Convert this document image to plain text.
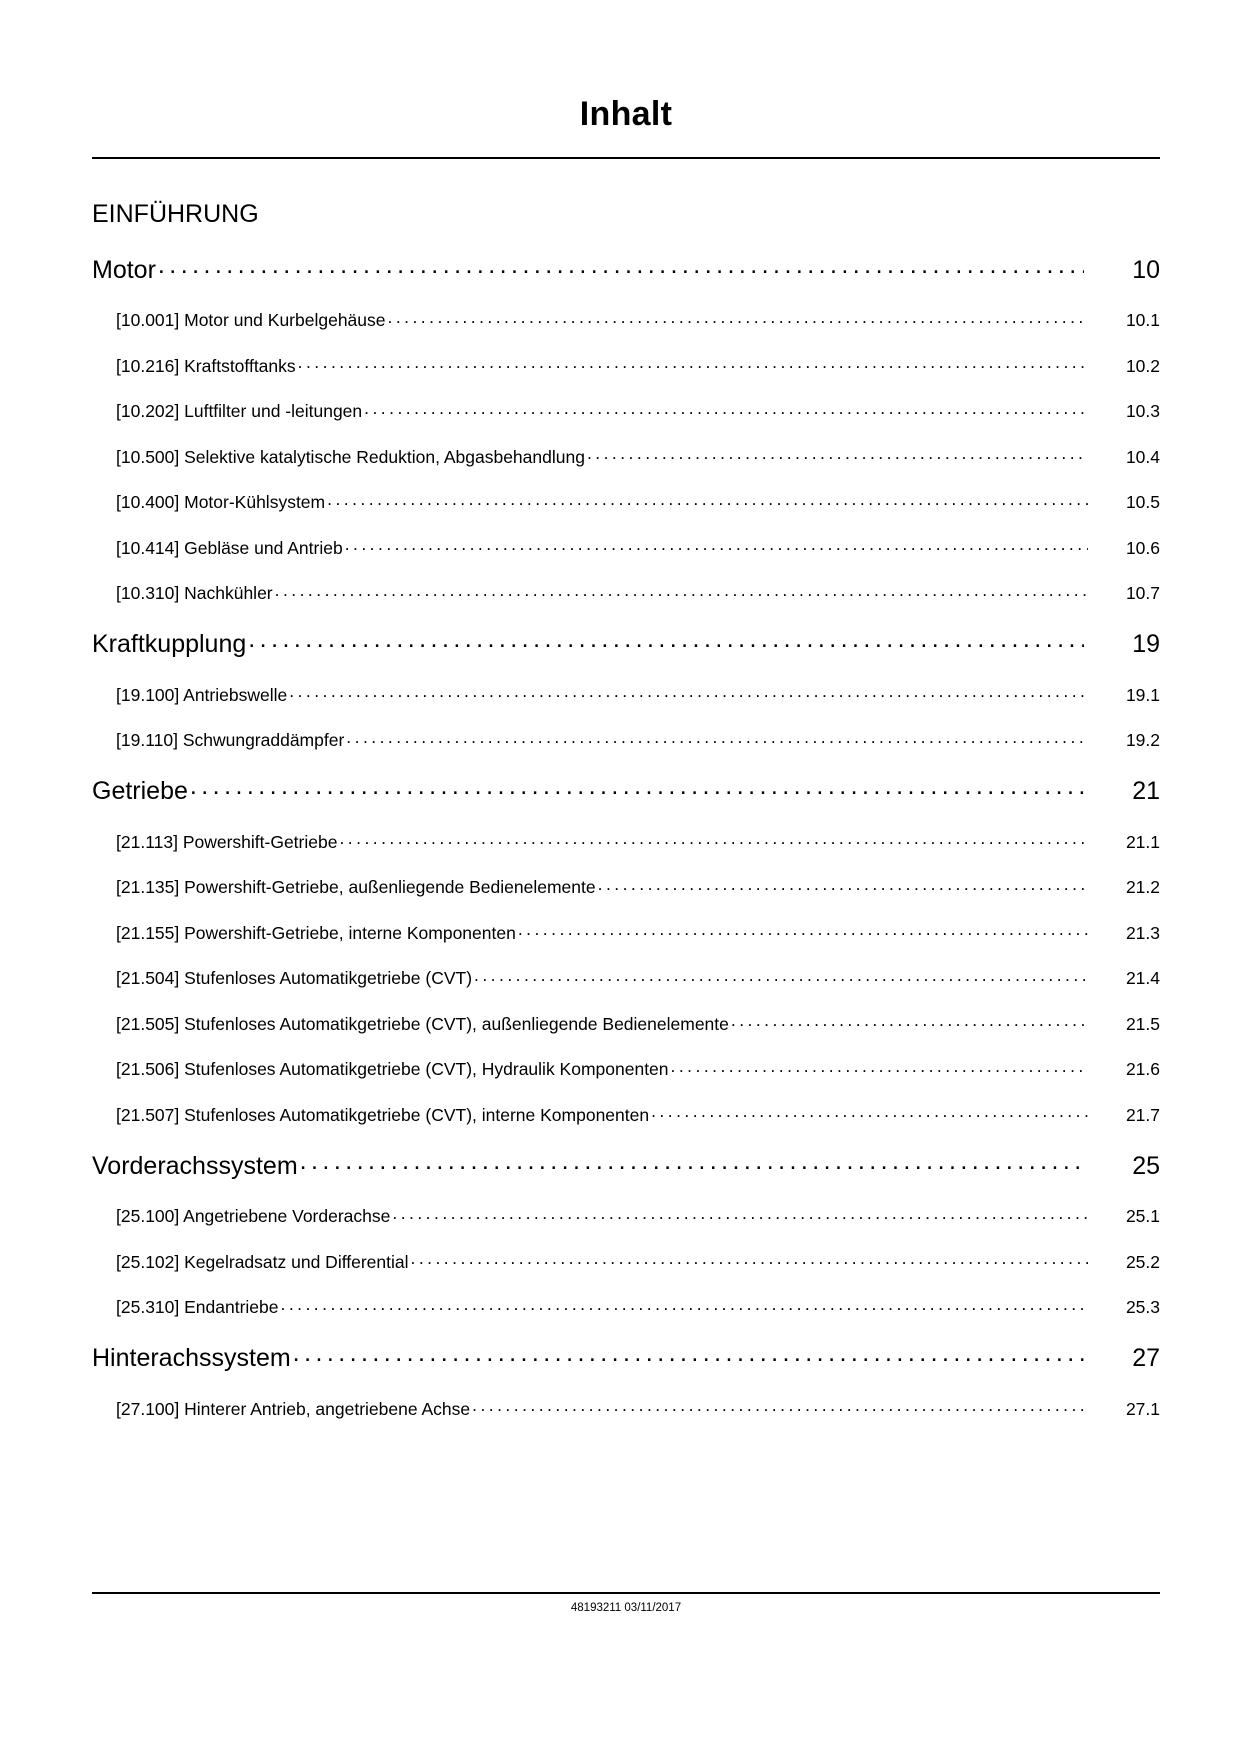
Inhalt
EINFÜHRUNG
Motor . . .	10
[10.001] Motor und Kurbelgehäuse . . .	10.1
[10.216] Kraftstofftanks . . .	10.2
[10.202] Luftfilter und -leitungen . . .	10.3
[10.500] Selektive katalytische Reduktion, Abgasbehandlung . . .	10.4
[10.400] Motor-Kühlsystem . . .	10.5
[10.414] Gebläse und Antrieb . . .	10.6
[10.310] Nachkühler . . .	10.7
Kraftkupplung . . .	19
[19.100] Antriebswelle . . .	19.1
[19.110] Schwungraddämpfer . . .	19.2
Getriebe . . .	21
[21.113] Powershift-Getriebe . . .	21.1
[21.135] Powershift-Getriebe, außenliegende Bedienelemente . . .	21.2
[21.155] Powershift-Getriebe, interne Komponenten . . .	21.3
[21.504] Stufenloses Automatikgetriebe (CVT) . . .	21.4
[21.505] Stufenloses Automatikgetriebe (CVT), außenliegende Bedienelemente . . .	21.5
[21.506] Stufenloses Automatikgetriebe (CVT), Hydraulik Komponenten . . .	21.6
[21.507] Stufenloses Automatikgetriebe (CVT), interne Komponenten . . .	21.7
Vorderachssystem . . .	25
[25.100] Angetriebene Vorderachse . . .	25.1
[25.102] Kegelradsatz und Differential . . .	25.2
[25.310] Endantriebe . . .	25.3
Hinterachssystem . . .	27
[27.100] Hinterer Antrieb, angetriebene Achse . . .	27.1
48193211 03/11/2017
